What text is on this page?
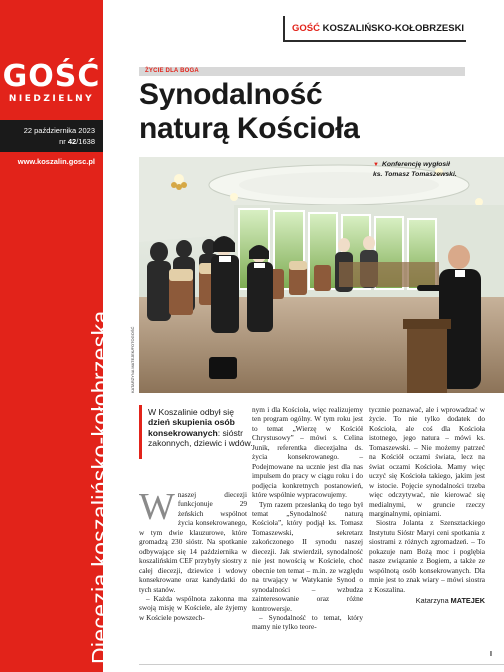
GOŚĆ
NIEDZIELNY
22 października 2023
nr 42/1638
www.koszalin.gosc.pl
Diecezja koszalińsko-kołobrzeska
GOŚĆ KOSZALIŃSKO-KOŁOBRZESKI
ŻYCIE DLA BOGA
Synodalność
naturą Kościoła
KATARZYNA MATEJEK/FOTOGOŚĆ
▼ Konferencję wygłosił
ks. Tomasz Tomaszewski.
W Koszalinie odbył się dzień skupienia osób konsekrowanych: sióstr zakonnych, dziewic i wdów.
W naszej diecezji funkcjonuje 29 żeńskich wspólnot życia konsekrowanego, w tym dwie klauzurowe, które gromadzą 230 sióstr. Na spotkanie odbywające się 14 października w koszalińskim CEF przybyły siostry z całej diecezji, dziewice i wdowy konsekrowane oraz kandydatki do tych stanów.

– Każda wspólnota zakonna ma swoją misję w Kościele, ale żyjemy w Kościele powszech-

nym i dla Kościoła, więc realizujemy ten program ogólny. W tym roku jest to temat „Wierzę w Kościół Chrystusowy” – mówi s. Celina Junik, referentka diecezjalna ds. życia konsekrowanego. – Podejmowane na ucznie jest dla nas impulsem do pracy w ciągu roku i do podjęcia konkretnych postanowień, które wspólnie wypracowujemy.

Tym razem przesłanką do tego był temat „Synodalność naturą Kościoła”, który podjął ks. Tomasz Tomaszewski, sekretarz zakończonego II synodu naszej diecezji. Jak stwierdził, synodalność nie jest nowością w Kościele, choć obecnie ten temat – m.in. ze względu na trwający w Watykanie Synod o synodalności – wzbudza zainteresowanie oraz różne kontrowersje.

– Synodalność to temat, który mamy nie tylko teore-

tycznie poznawać, ale i wprowadzać w życie. To nie tylko dodatek do Kościoła, ale coś dla Kościoła istotnego, jego natura – mówi ks. Tomaszewski. – Nie możemy patrzeć na Kościół oczami świata, lecz na świat oczami Kościoła. Mamy więc uczyć się Kościoła takiego, jakim jest w istocie. Pojęcie synodalności trzeba więc odczytywać, nie kierować się medialnymi, w gruncie rzeczy marginalnymi, opiniami.

Siostra Jolanta z Szensztackiego Instytutu Sióstr Maryi ceni spotkania z siostrami z różnych zgromadzeń. – To pokazuje nam Bożą moc i poglębia nasze związanie z Bogiem, a także ze wspólnotą osób konsekrowanych. Dla mnie jest to znak wiary – mówi siostra z Koszalina.

Katarzyna MATEJEK
I
